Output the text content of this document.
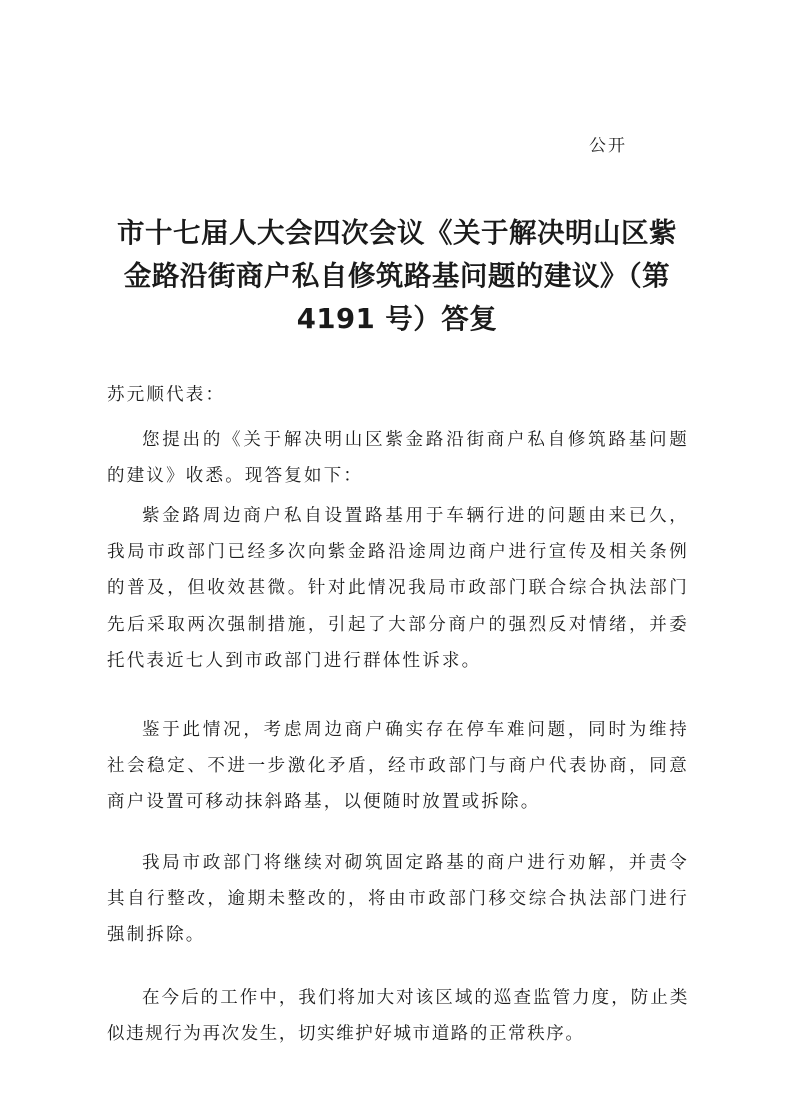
公开
市十七届人大会四次会议《关于解决明山区紫
金路沿街商户私自修筑路基问题的建议》（第
4191 号）答复

苏元顺代表：

您提出的《关于解决明山区紫金路沿街商户私自修筑路基问题的建议》收悉。现答复如下：

紫金路周边商户私自设置路基用于车辆行进的问题由来已久，我局市政部门已经多次向紫金路沿途周边商户进行宣传及相关条例的普及，但收效甚微。针对此情况我局市政部门联合综合执法部门先后采取两次强制措施，引起了大部分商户的强烈反对情绪，并委托代表近七人到市政部门进行群体性诉求。

鉴于此情况，考虑周边商户确实存在停车难问题，同时为维持社会稳定、不进一步激化矛盾，经市政部门与商户代表协商，同意商户设置可移动抹斜路基，以便随时放置或拆除。

我局市政部门将继续对砌筑固定路基的商户进行劝解，并责令其自行整改，逾期未整改的，将由市政部门移交综合执法部门进行强制拆除。

在今后的工作中，我们将加大对该区域的巡查监管力度，防止类似违规行为再次发生，切实维护好城市道路的正常秩序。
